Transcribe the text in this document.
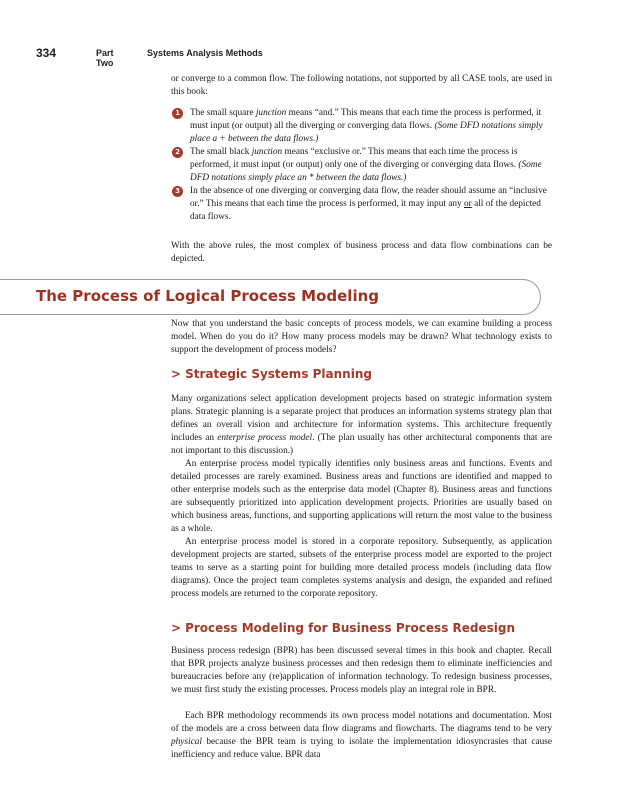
334	Part Two
Systems Analysis Methods

or converge to a common flow. The following notations, not supported by all CASE tools, are used in this book:

1	The small square junction means “and.” This means that each time the process is performed, it must input (or output) all the diverging or converging data flows. (Some DFD notations simply place a + between the data flows.)
2	The small black junction means “exclusive or.” This means that each time the process is performed, it must input (or output) only one of the diverging or converging data flows. (Some DFD notations simply place an * between the data flows.)
3	In the absence of one diverging or converging data flow, the reader should assume an “inclusive or.” This means that each time the process is performed, it may input any or all of the depicted data flows.

With the above rules, the most complex of business process and data flow combinations can be depicted.

The Process of Logical Process Modeling

Now that you understand the basic concepts of process models, we can examine building a process model. When do you do it? How many process models may be drawn? What technology exists to support the development of process models?

> Strategic Systems Planning

Many organizations select application development projects based on strategic information system plans. Strategic planning is a separate project that produces an information systems strategy plan that defines an overall vision and architecture for information systems. This architecture frequently includes an enterprise process model. (The plan usually has other architectural components that are not important to this discussion.)

An enterprise process model typically identifies only business areas and functions. Events and detailed processes are rarely examined. Business areas and functions are identified and mapped to other enterprise models such as the enterprise data model (Chapter 8). Business areas and functions are subsequently prioritized into application development projects. Priorities are usually based on which business areas, functions, and supporting applications will return the most value to the business as a whole.

An enterprise process model is stored in a corporate repository. Subsequently, as application development projects are started, subsets of the enterprise process model are exported to the project teams to serve as a starting point for building more detailed process models (including data flow diagrams). Once the project team completes systems analysis and design, the expanded and refined process models are returned to the corporate repository.

> Process Modeling for Business Process Redesign

Business process redesign (BPR) has been discussed several times in this book and chapter. Recall that BPR projects analyze business processes and then redesign them to eliminate inefficiencies and bureaucracies before any (re)application of information technology. To redesign business processes, we must first study the existing processes. Process models play an integral role in BPR.

Each BPR methodology recommends its own process model notations and documentation. Most of the models are a cross between data flow diagrams and flowcharts. The diagrams tend to be very physical because the BPR team is trying to isolate the implementation idiosyncrasies that cause inefficiency and reduce value. BPR data
